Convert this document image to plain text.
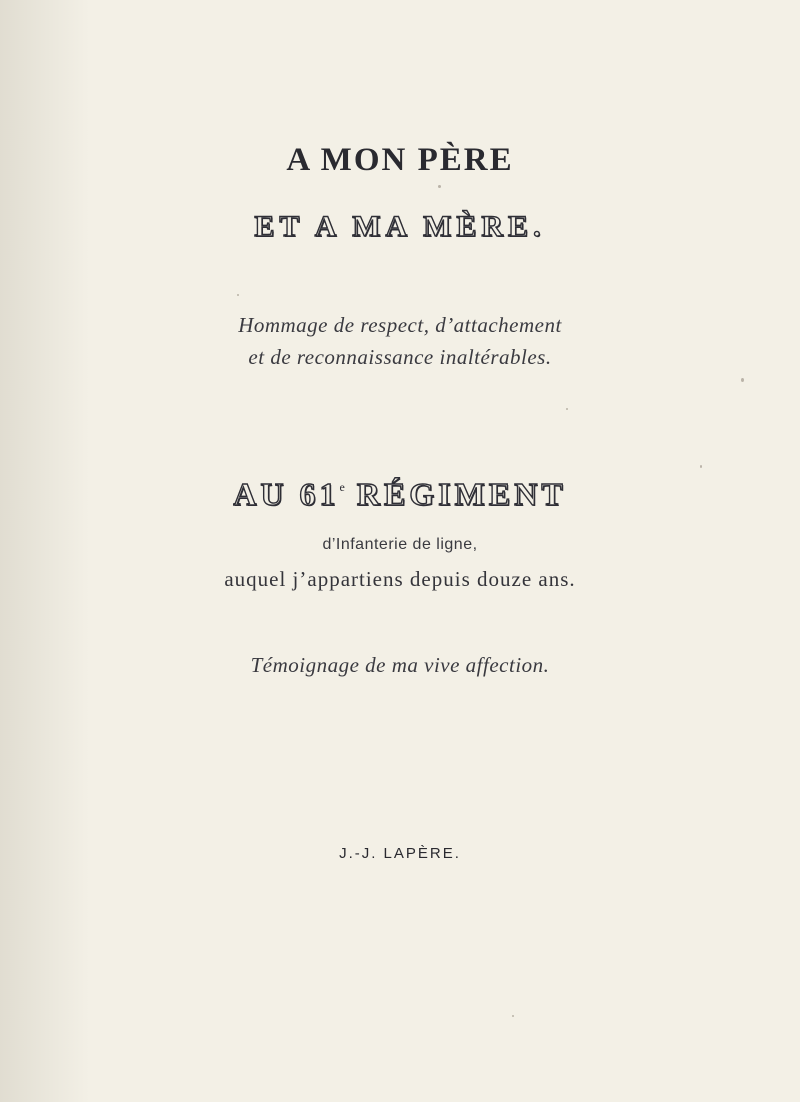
A MON PÈRE
ET A MA MÈRE.
Hommage de respect, d’attachement
et de reconnaissance inaltérables.
AU 61e RÉGIMENT
d’Infanterie de ligne,
auquel j’appartiens depuis douze ans.
Témoignage de ma vive affection.
J.-J. LAPÈRE.
